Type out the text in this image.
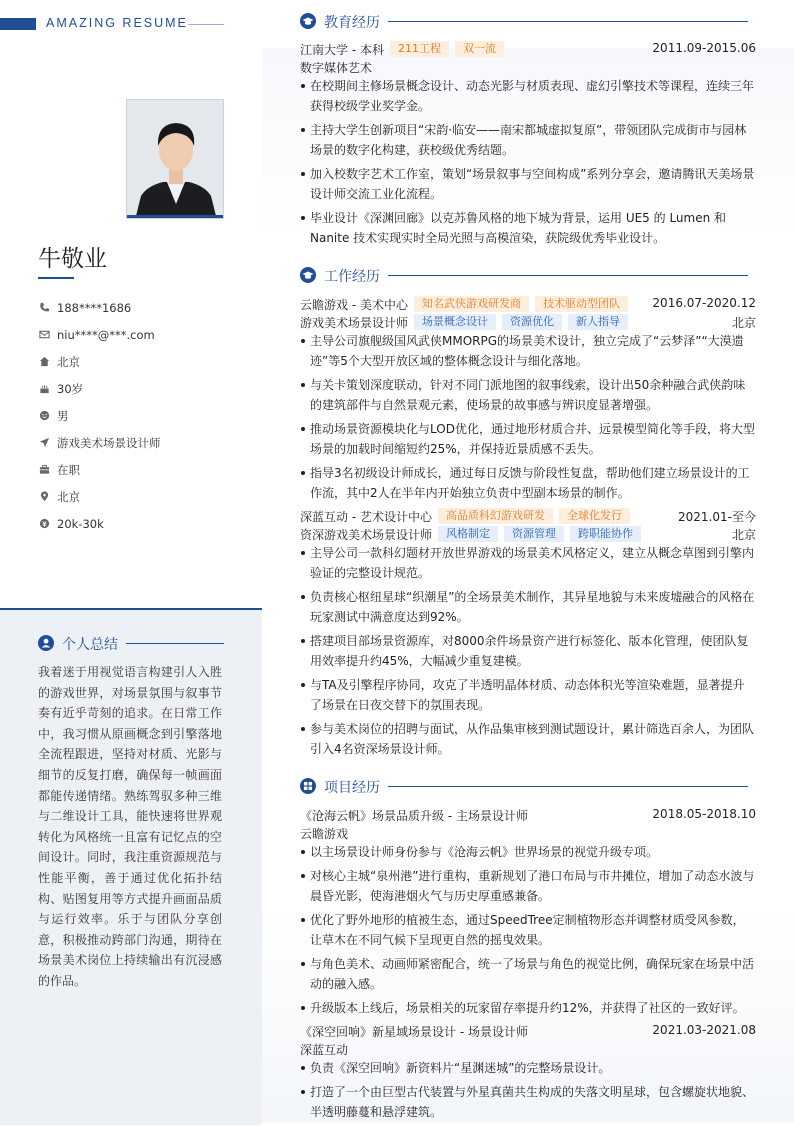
AMAZING RESUME
牛敬业
188****1686
niu****@***.com
北京
30岁
男
游戏美术场景设计师
在职
北京
20k-30k
个人总结
我着迷于用视觉语言构建引人入胜的游戏世界，对场景氛围与叙事节奏有近乎苛刻的追求。在日常工作中，我习惯从原画概念到引擎落地全流程跟进，坚持对材质、光影与细节的反复打磨，确保每一帧画面都能传递情绪。熟练驾驭多种三维与二维设计工具，能快速将世界观转化为风格统一且富有记忆点的空间设计。同时，我注重资源规范与性能平衡，善于通过优化拓扑结构、贴图复用等方式提升画面品质与运行效率。乐于与团队分享创意，积极推动跨部门沟通，期待在场景美术岗位上持续输出有沉浸感的作品。
教育经历
江南大学 - 本科	211工程	双一流	2011.09-2015.06
数字媒体艺术
在校期间主修场景概念设计、动态光影与材质表现、虚幻引擎技术等课程，连续三年获得校级学业奖学金。
主持大学生创新项目“宋韵·临安——南宋都城虚拟复原”，带领团队完成街市与园林场景的数字化构建，获校级优秀结题。
加入校数字艺术工作室，策划“场景叙事与空间构成”系列分享会，邀请腾讯天美场景设计师交流工业化流程。
毕业设计《深渊回廊》以克苏鲁风格的地下城为背景，运用 UE5 的 Lumen 和 Nanite 技术实现实时全局光照与高模渲染，获院级优秀毕业设计。
工作经历
云瞻游戏 - 美术中心	知名武侠游戏研发商	技术驱动型团队	2016.07-2020.12
游戏美术场景设计师	场景概念设计	资源优化	新人指导	北京
主导公司旗舰级国风武侠MMORPG的场景美术设计，独立完成了“云梦泽”“大漠遗迹”等5个大型开放区域的整体概念设计与细化落地。
与关卡策划深度联动，针对不同门派地图的叙事线索，设计出50余种融合武侠韵味的建筑部件与自然景观元素，使场景的故事感与辨识度显著增强。
推动场景资源模块化与LOD优化，通过地形材质合并、远景模型简化等手段，将大型场景的加载时间缩短约25%，并保持近景质感不丢失。
指导3名初级设计师成长，通过每日反馈与阶段性复盘，帮助他们建立场景设计的工作流，其中2人在半年内开始独立负责中型副本场景的制作。
深蓝互动 - 艺术设计中心	高品质科幻游戏研发	全球化发行	2021.01-至今
资深游戏美术场景设计师	风格制定	资源管理	跨职能协作	北京
主导公司一款科幻题材开放世界游戏的场景美术风格定义，建立从概念草图到引擎内验证的完整设计规范。
负责核心枢纽星球“织潮星”的全场景美术制作，其异星地貌与未来废墟融合的风格在玩家测试中满意度达到92%。
搭建项目部场景资源库，对8000余件场景资产进行标签化、版本化管理，使团队复用效率提升约45%，大幅减少重复建模。
与TA及引擎程序协同，攻克了半透明晶体材质、动态体积光等渲染难题，显著提升了场景在日夜交替下的氛围表现。
参与美术岗位的招聘与面试，从作品集审核到测试题设计，累计筛选百余人，为团队引入4名资深场景设计师。
项目经历
《沧海云帆》场景品质升级 - 主场景设计师	2018.05-2018.10
云瞻游戏
以主场景设计师身份参与《沧海云帆》世界场景的视觉升级专项。
对核心主城“泉州港”进行重构，重新规划了港口布局与市井摊位，增加了动态水波与晨昏光影，使海港烟火气与历史厚重感兼备。
优化了野外地形的植被生态，通过SpeedTree定制植物形态并调整材质受风参数，让草木在不同气候下呈现更自然的摇曳效果。
与角色美术、动画师紧密配合，统一了场景与角色的视觉比例，确保玩家在场景中活动的融入感。
升级版本上线后，场景相关的玩家留存率提升约12%，并获得了社区的一致好评。
《深空回响》新星域场景设计 - 场景设计师	2021.03-2021.08
深蓝互动
负责《深空回响》新资料片“星渊迷城”的完整场景设计。
打造了一个由巨型古代装置与外星真菌共生构成的失落文明星球，包含螺旋状地貌、半透明藤蔓和悬浮建筑。
